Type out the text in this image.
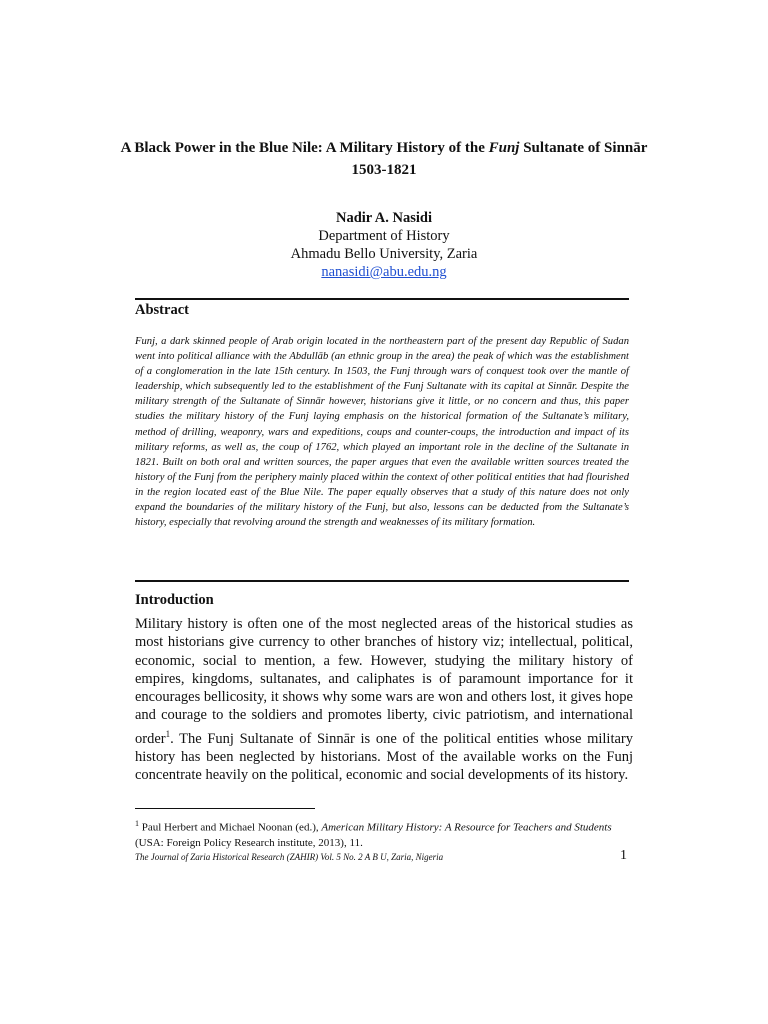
A Black Power in the Blue Nile: A Military History of the Funj Sultanate of Sinnār 1503-1821
Nadir A. Nasidi
Department of History
Ahmadu Bello University, Zaria
nanasidi@abu.edu.ng
Abstract
Funj, a dark skinned people of Arab origin located in the northeastern part of the present day Republic of Sudan went into political alliance with the Abdullāb (an ethnic group in the area) the peak of which was the establishment of a conglomeration in the late 15th century. In 1503, the Funj through wars of conquest took over the mantle of leadership, which subsequently led to the establishment of the Funj Sultanate with its capital at Sinnār. Despite the military strength of the Sultanate of Sinnār however, historians give it little, or no concern and thus, this paper studies the military history of the Funj laying emphasis on the historical formation of the Sultanate’s military, method of drilling, weaponry, wars and expeditions, coups and counter-coups, the introduction and impact of its military reforms, as well as, the coup of 1762, which played an important role in the decline of the Sultanate in 1821. Built on both oral and written sources, the paper argues that even the available written sources treated the history of the Funj from the periphery mainly placed within the context of other political entities that had flourished in the region located east of the Blue Nile. The paper equally observes that a study of this nature does not only expand the boundaries of the military history of the Funj, but also, lessons can be deducted from the Sultanate’s history, especially that revolving around the strength and weaknesses of its military formation.
Introduction
Military history is often one of the most neglected areas of the historical studies as most historians give currency to other branches of history viz; intellectual, political, economic, social to mention, a few. However, studying the military history of empires, kingdoms, sultanates, and caliphates is of paramount importance for it encourages bellicosity, it shows why some wars are won and others lost, it gives hope and courage to the soldiers and promotes liberty, civic patriotism, and international order$^1$. The Funj Sultanate of Sinnār is one of the political entities whose military history has been neglected by historians. Most of the available works on the Funj concentrate heavily on the political, economic and social developments of its history.
$^1$ Paul Herbert and Michael Noonan (ed.), American Military History: A Resource for Teachers and Students (USA: Foreign Policy Research institute, 2013), 11.
The Journal of Zaria Historical Research (ZAHIR) Vol. 5 No. 2 A B U, Zaria, Nigeria	1
